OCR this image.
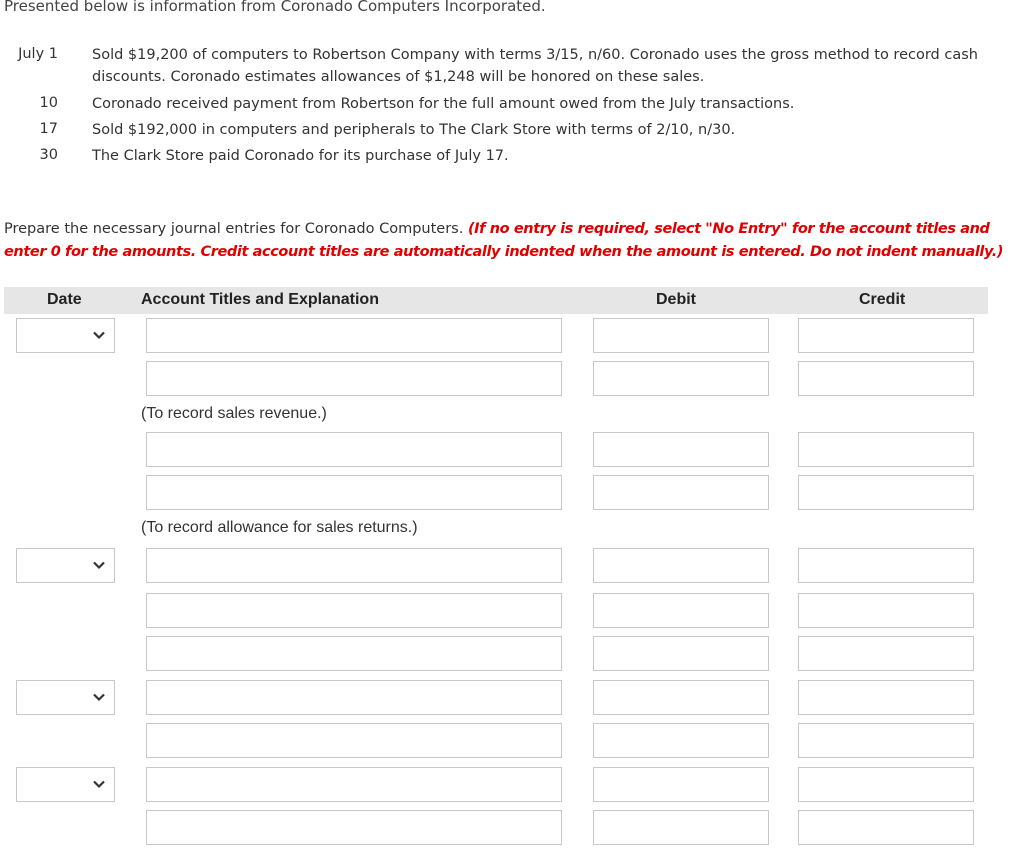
Presented below is information from Coronado Computers Incorporated.
July 1 Sold $19,200 of computers to Robertson Company with terms 3/15, n/60. Coronado uses the gross method to record cash discounts. Coronado estimates allowances of $1,248 will be honored on these sales.
10 Coronado received payment from Robertson for the full amount owed from the July transactions.
17 Sold $192,000 in computers and peripherals to The Clark Store with terms of 2/10, n/30.
30 The Clark Store paid Coronado for its purchase of July 17.
Prepare the necessary journal entries for Coronado Computers. (If no entry is required, select "No Entry" for the account titles and enter 0 for the amounts. Credit account titles are automatically indented when the amount is entered. Do not indent manually.)
Date	Account Titles and Explanation	Debit	Credit
(To record sales revenue.)
(To record allowance for sales returns.)
